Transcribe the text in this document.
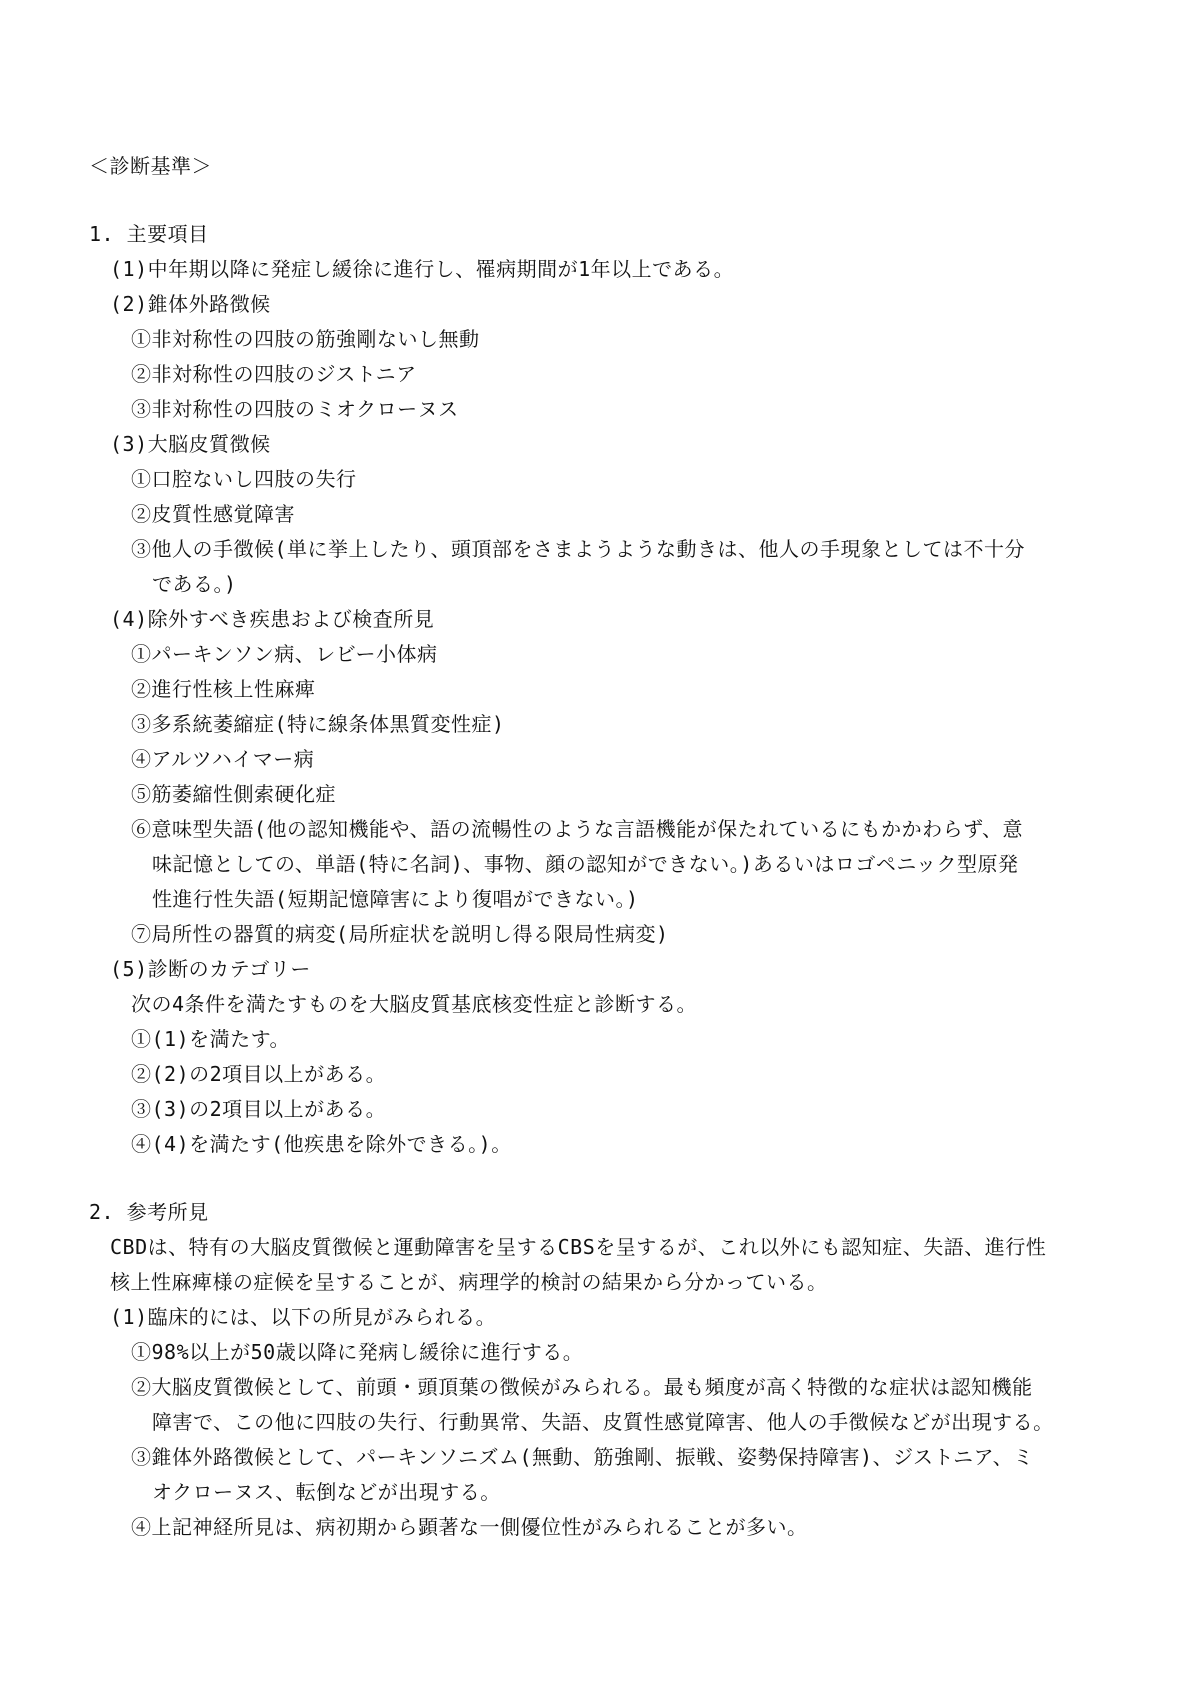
＜診断基準＞
1. 主要項目
(1)中年期以降に発症し緩徐に進行し、罹病期間が1年以上である。
(2)錐体外路徴候
①非対称性の四肢の筋強剛ないし無動
②非対称性の四肢のジストニア
③非対称性の四肢のミオクローヌス
(3)大脳皮質徴候
①口腔ないし四肢の失行
②皮質性感覚障害
③他人の手徴候(単に挙上したり、頭頂部をさまようような動きは、他人の手現象としては不十分
である。)
(4)除外すべき疾患および検査所見
①パーキンソン病、レビー小体病
②進行性核上性麻痺
③多系統萎縮症(特に線条体黒質変性症)
④アルツハイマー病
⑤筋萎縮性側索硬化症
⑥意味型失語(他の認知機能や、語の流暢性のような言語機能が保たれているにもかかわらず、意
味記憶としての、単語(特に名詞)、事物、顔の認知ができない。)あるいはロゴペニック型原発
性進行性失語(短期記憶障害により復唱ができない。)
⑦局所性の器質的病変(局所症状を説明し得る限局性病変)
(5)診断のカテゴリー
次の4条件を満たすものを大脳皮質基底核変性症と診断する。
①(1)を満たす。
②(2)の2項目以上がある。
③(3)の2項目以上がある。
④(4)を満たす(他疾患を除外できる。)。
2. 参考所見
CBDは、特有の大脳皮質徴候と運動障害を呈するCBSを呈するが、これ以外にも認知症、失語、進行性
核上性麻痺様の症候を呈することが、病理学的検討の結果から分かっている。
(1)臨床的には、以下の所見がみられる。
①98%以上が50歳以降に発病し緩徐に進行する。
②大脳皮質徴候として、前頭・頭頂葉の徴候がみられる。最も頻度が高く特徴的な症状は認知機能
障害で、この他に四肢の失行、行動異常、失語、皮質性感覚障害、他人の手徴候などが出現する。
③錐体外路徴候として、パーキンソニズム(無動、筋強剛、振戦、姿勢保持障害)、ジストニア、ミ
オクローヌス、転倒などが出現する。
④上記神経所見は、病初期から顕著な一側優位性がみられることが多い。
